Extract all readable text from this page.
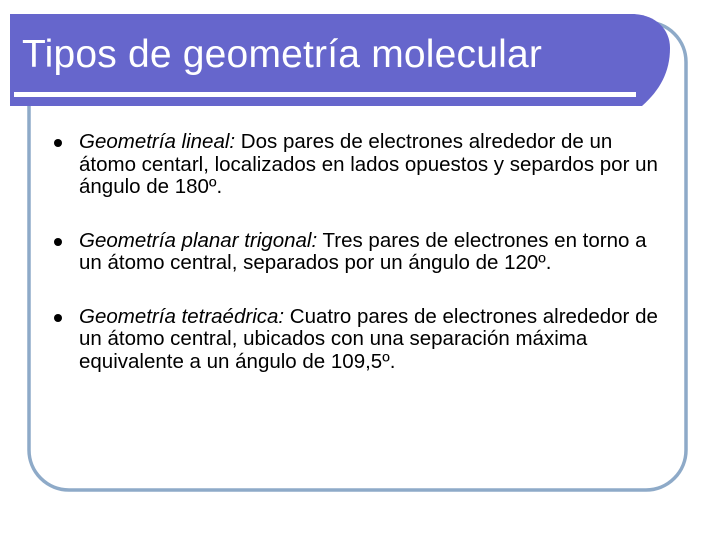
Tipos de geometría molecular
Geometría lineal: Dos pares de electrones alrededor de un átomo centarl, localizados en lados opuestos y separdos por un ángulo de 180º.
Geometría planar trigonal: Tres pares de electrones en torno a un átomo central, separados por un ángulo de 120º.
Geometría tetraédrica: Cuatro pares de electrones alrededor de un átomo central, ubicados con una separación máxima equivalente a un ángulo de 109,5º.
